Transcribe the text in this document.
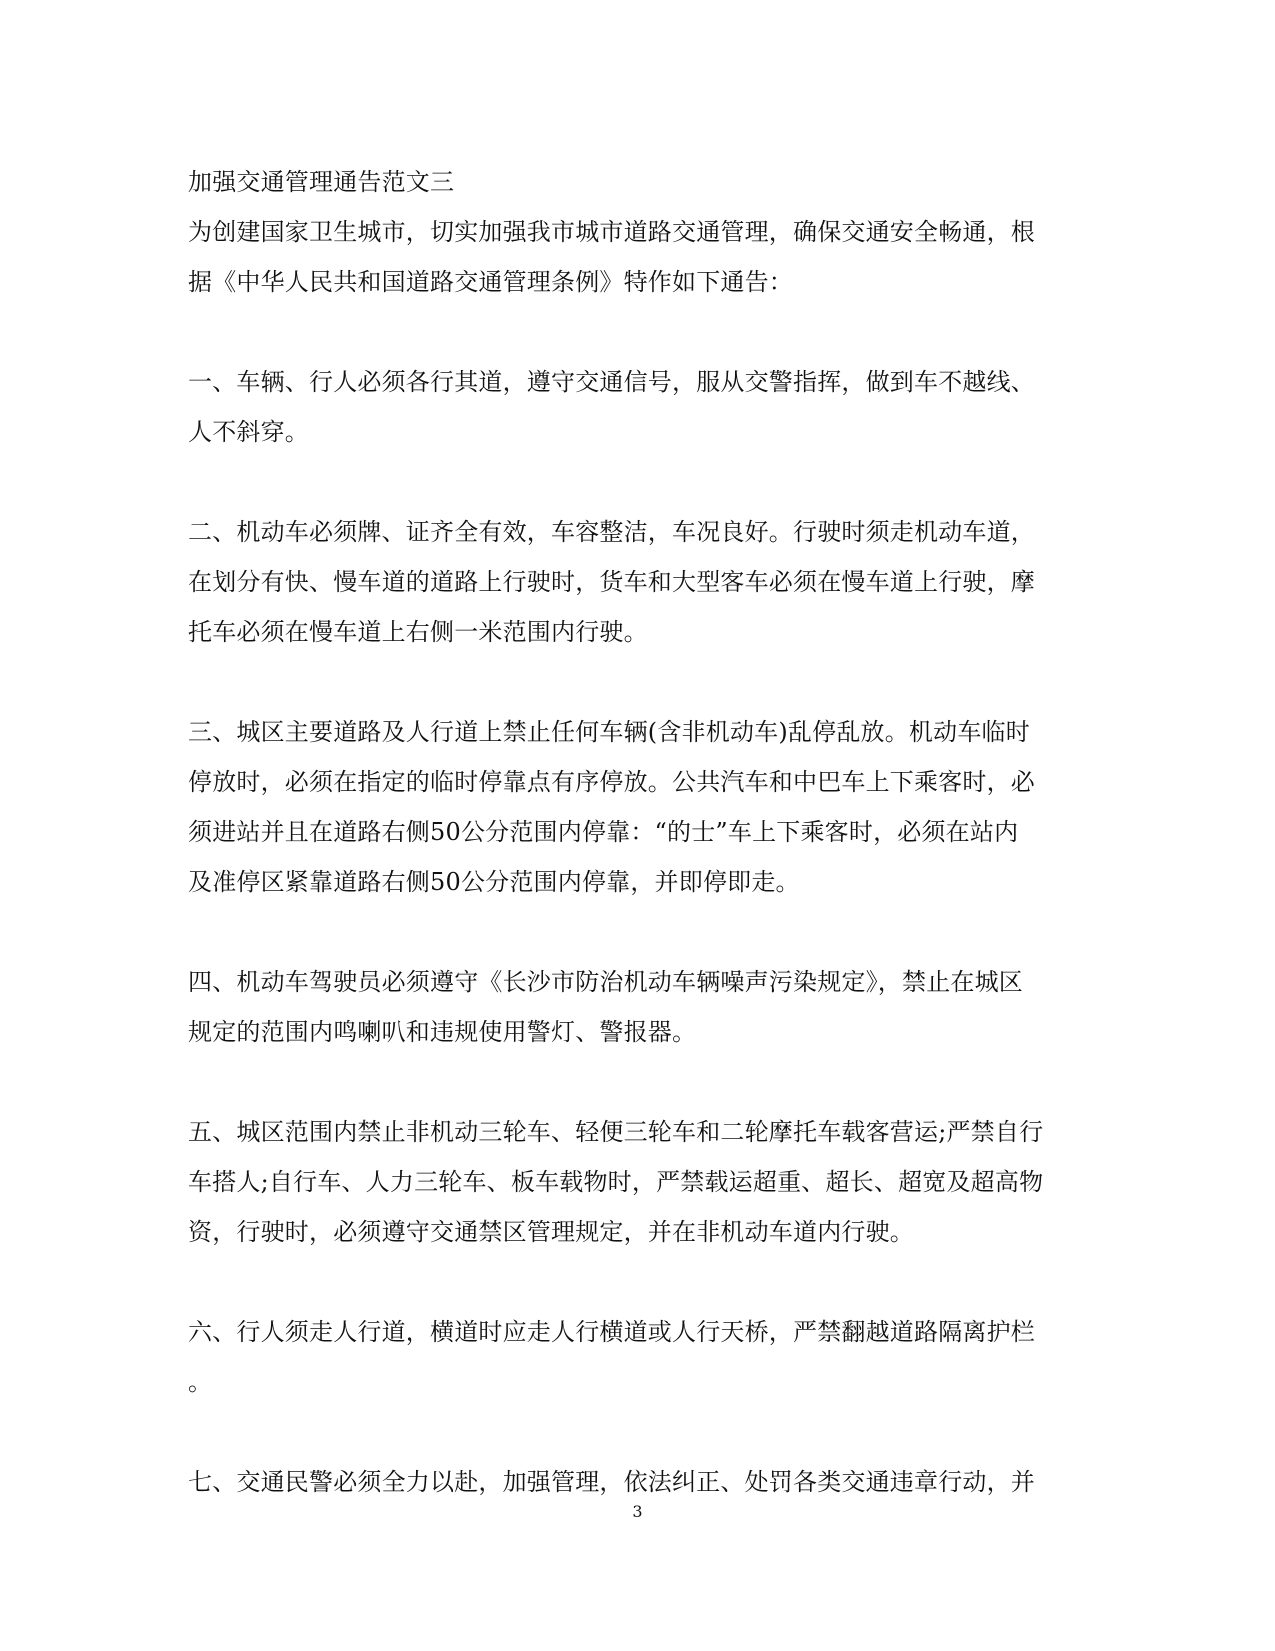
加强交通管理通告范文三
为创建国家卫生城市，切实加强我市城市道路交通管理，确保交通安全畅通，根
据《中华人民共和国道路交通管理条例》特作如下通告：
一、车辆、行人必须各行其道，遵守交通信号，服从交警指挥，做到车不越线、
人不斜穿。
二、机动车必须牌、证齐全有效，车容整洁，车况良好。行驶时须走机动车道，
在划分有快、慢车道的道路上行驶时，货车和大型客车必须在慢车道上行驶，摩
托车必须在慢车道上右侧一米范围内行驶。
三、城区主要道路及人行道上禁止任何车辆(含非机动车)乱停乱放。机动车临时
停放时，必须在指定的临时停靠点有序停放。公共汽车和中巴车上下乘客时，必
须进站并且在道路右侧50公分范围内停靠：“的士”车上下乘客时，必须在站内
及准停区紧靠道路右侧50公分范围内停靠，并即停即走。
四、机动车驾驶员必须遵守《长沙市防治机动车辆噪声污染规定》，禁止在城区
规定的范围内鸣喇叭和违规使用警灯、警报器。
五、城区范围内禁止非机动三轮车、轻便三轮车和二轮摩托车载客营运;严禁自行
车搭人;自行车、人力三轮车、板车载物时，严禁载运超重、超长、超宽及超高物
资，行驶时，必须遵守交通禁区管理规定，并在非机动车道内行驶。
六、行人须走人行道，横道时应走人行横道或人行天桥，严禁翻越道路隔离护栏
。
七、交通民警必须全力以赴，加强管理，依法纠正、处罚各类交通违章行动，并
3
